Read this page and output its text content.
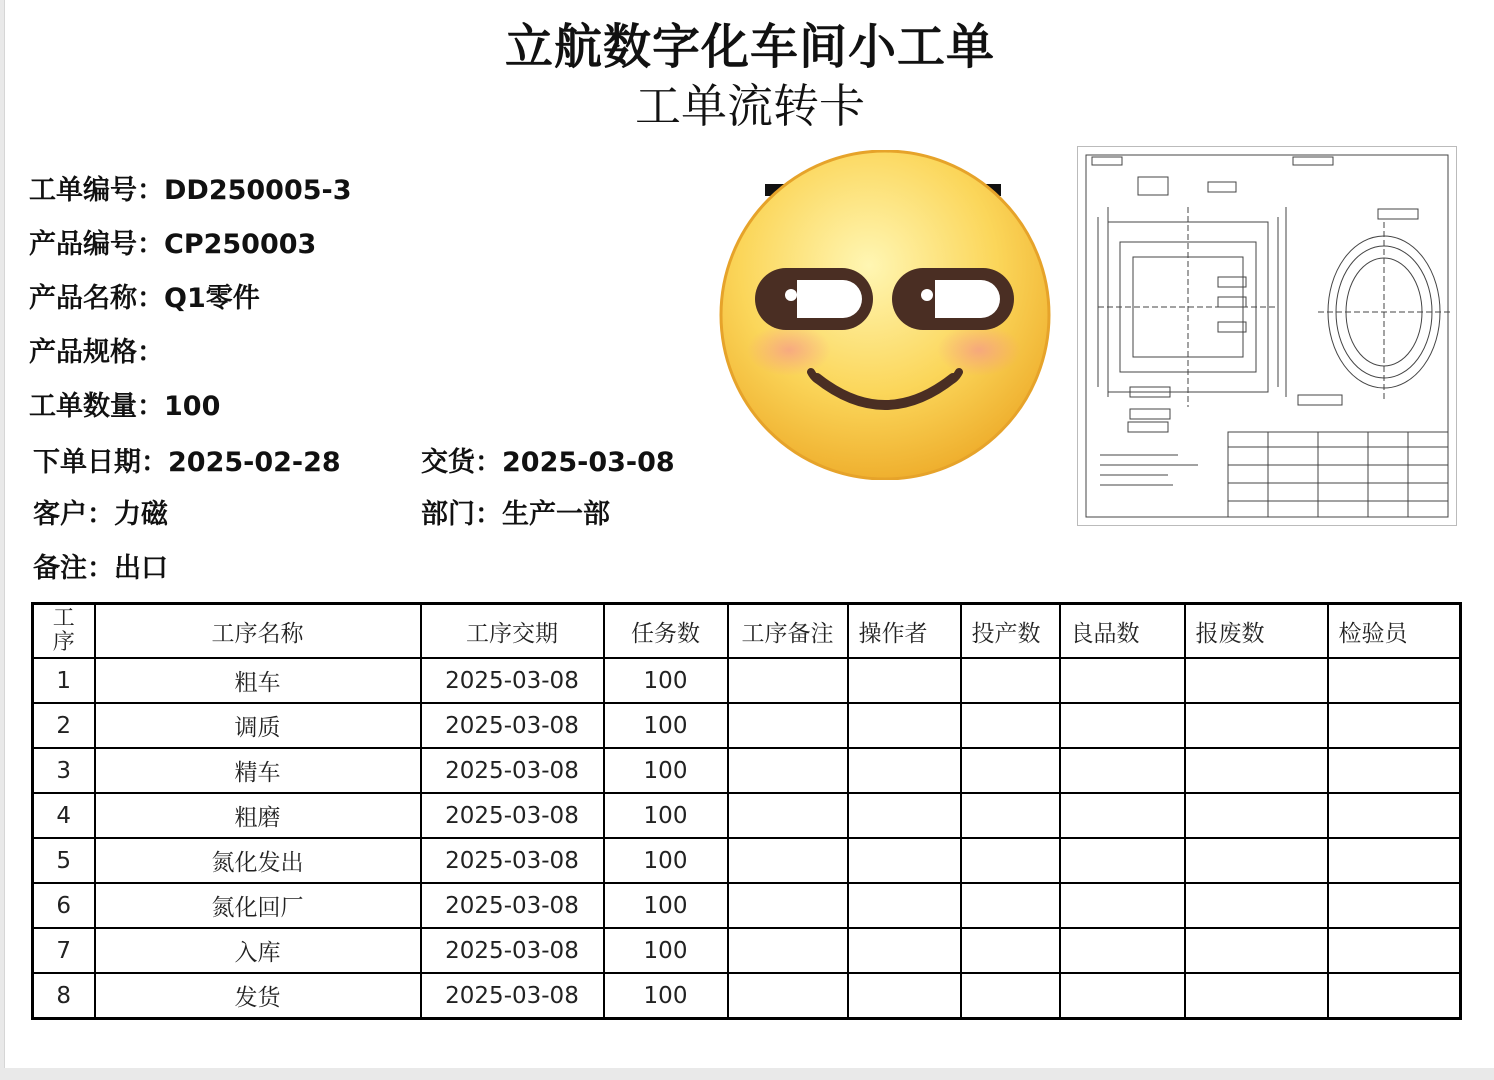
立航数字化车间小工单
工单流转卡
工单编号 ： DD250005-3
产品编号 ： CP250003
产品名称 ： Q1零件
产品规格 ：
工单数量 ： 100
下单日期 ： 2025-02-28	交货 ： 2025-03-08
客户 ： 力磁	部门 ： 生产一部
备注 ： 出口
工
序	工序名称	工序交期	任务数	工序备注	操作者	投产数	良品数	报废数	检验员
1	粗车	2025-03-08	100						
2	调质	2025-03-08	100						
3	精车	2025-03-08	100						
4	粗磨	2025-03-08	100						
5	氮化发出	2025-03-08	100						
6	氮化回厂	2025-03-08	100						
7	入库	2025-03-08	100						
8	发货	2025-03-08	100						
